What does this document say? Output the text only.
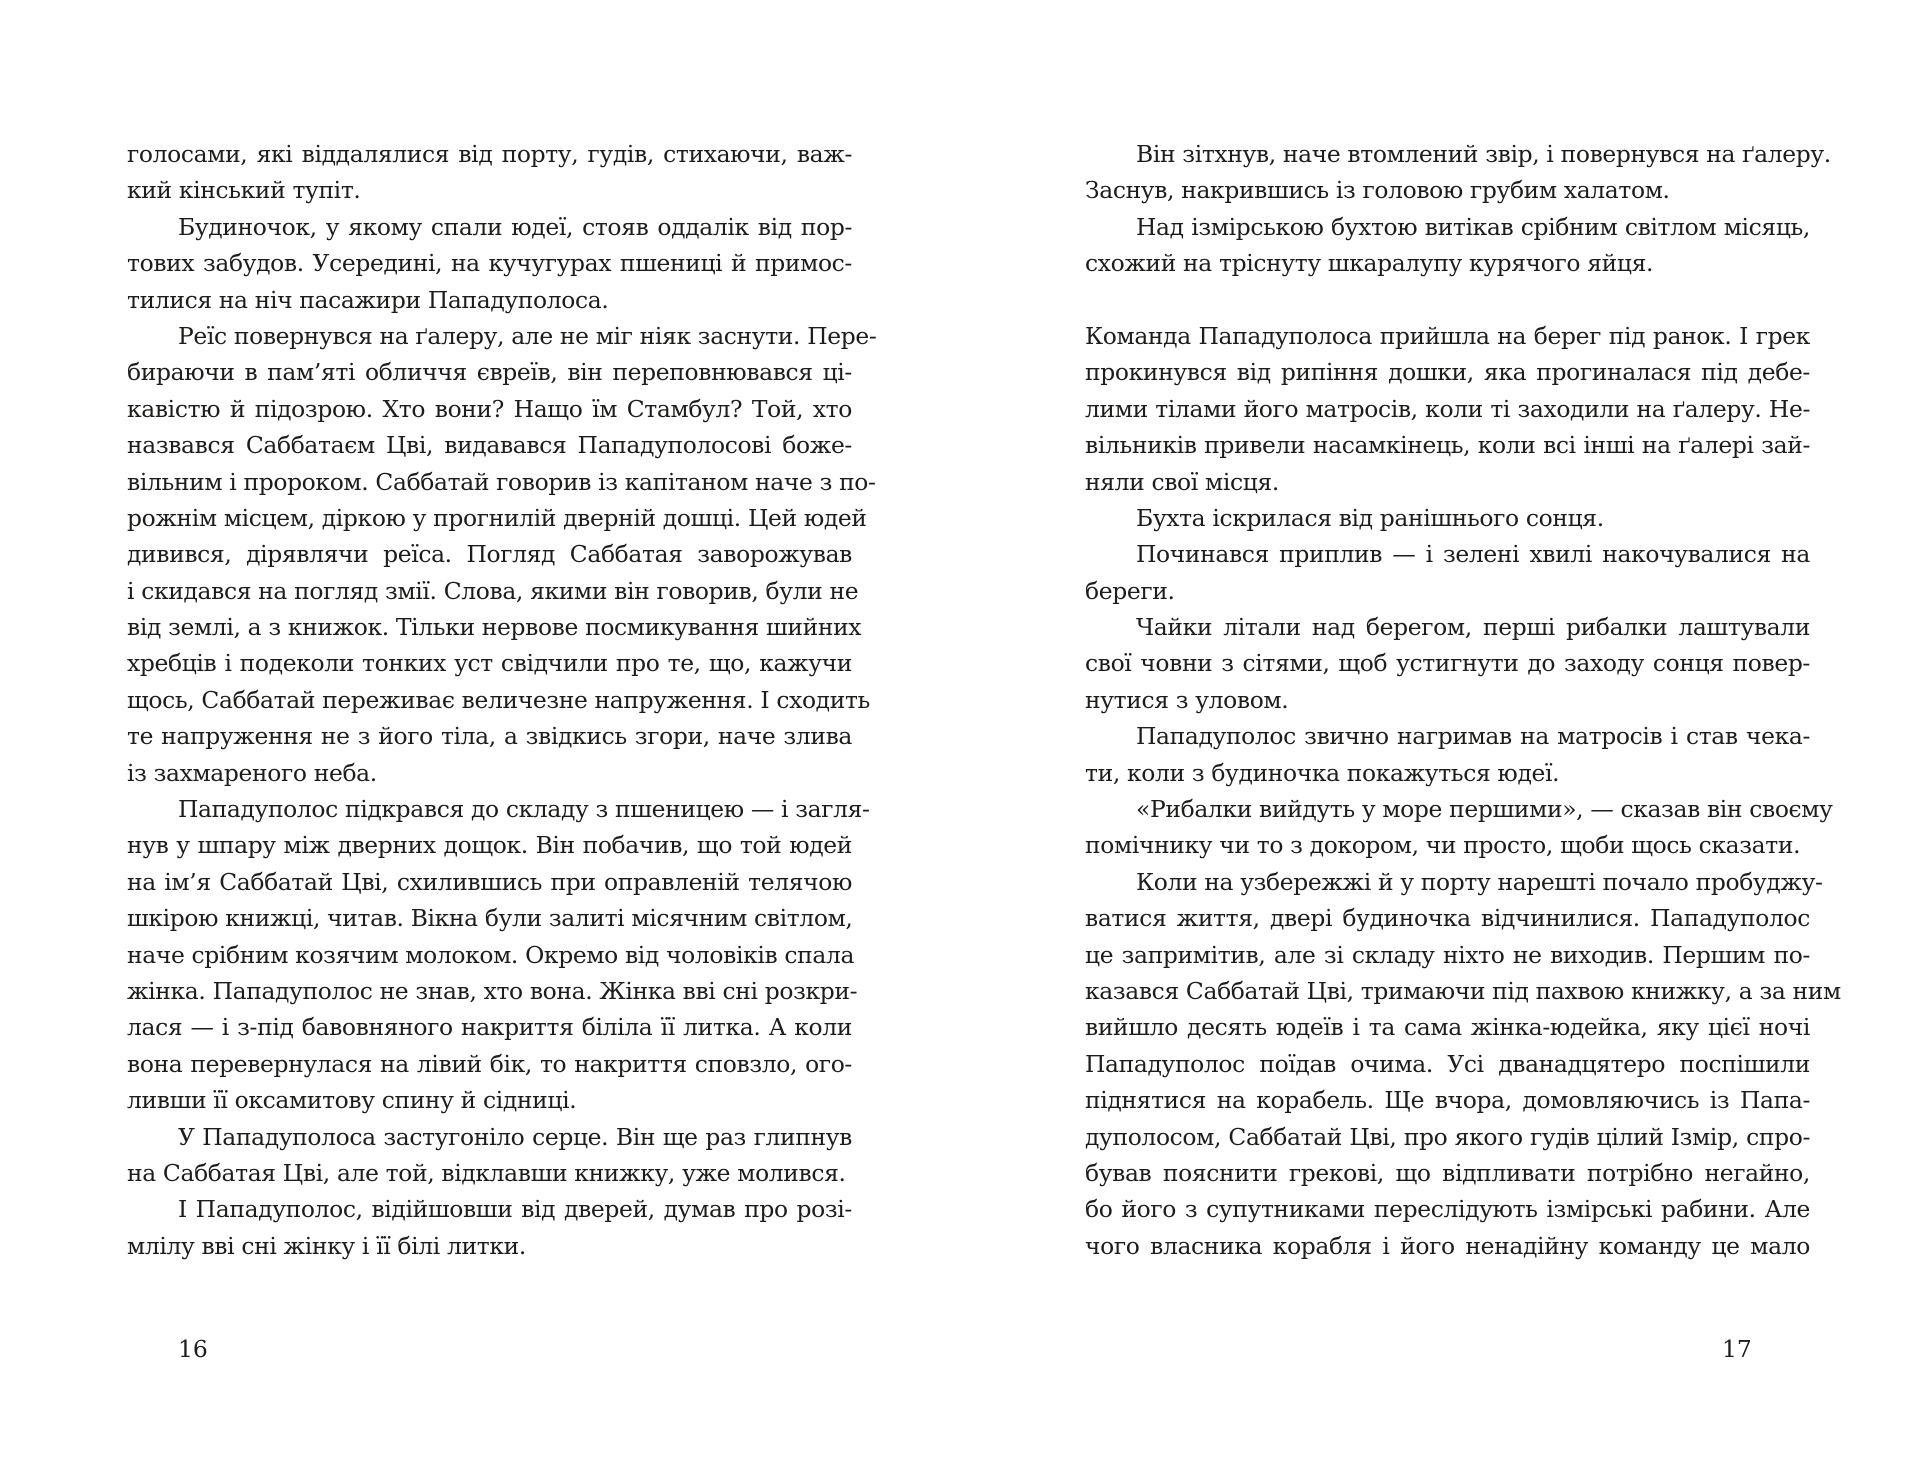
голосами, які віддалялися від порту, гудів, стихаючи, важ-
кий кінський тупіт.
Будиночок, у якому спали юдеї, стояв оддалік від пор-
тових забудов. Усередині, на кучугурах пшениці й примос-
тилися на ніч пасажири Пападуполоса.
Реїс повернувся на ґалеру, але не міг ніяк заснути. Пере-
бираючи в пам’яті обличчя євреїв, він переповнювався ці-
кавістю й підозрою. Хто вони? Нащо їм Стамбул? Той, хто
назвався Саббатаєм Цві, видавався Пападуполосові боже-
вільним і пророком. Саббатай говорив із капітаном наче з по-
рожнім місцем, діркою у прогнилій дверній дошці. Цей юдей
дивився, дірявлячи реїса. Погляд Саббатая заворожував
і скидався на погляд змії. Слова, якими він говорив, були не
від землі, а з книжок. Тільки нервове посмикування шийних
хребців і подеколи тонких уст свідчили про те, що, кажучи
щось, Саббатай переживає величезне напруження. І сходить
те напруження не з його тіла, а звідкись згори, наче злива
із захмареного неба.
Пападуполос підкрався до складу з пшеницею — і загля-
нув у шпару між дверних дощок. Він побачив, що той юдей
на ім’я Саббатай Цві, схилившись при оправленій телячою
шкірою книжці, читав. Вікна були залиті місячним світлом,
наче срібним козячим молоком. Окремо від чоловіків спала
жінка. Пападуполос не знав, хто вона. Жінка вві сні розкри-
лася — і з-під бавовняного накриття біліла її литка. А коли
вона перевернулася на лівий бік, то накриття сповзло, ого-
ливши її оксамитову спину й сідниці.
У Пападуполоса застугоніло серце. Він ще раз глипнув
на Саббатая Цві, але той, відклавши книжку, уже молився.
І Пападуполос, відійшовши від дверей, думав про розі-
млілу вві сні жінку і її білі литки.
16
Він зітхнув, наче втомлений звір, і повернувся на ґалеру.
Заснув, накрившись із головою грубим халатом.
Над ізмірською бухтою витікав срібним світлом місяць,
схожий на тріснуту шкаралупу курячого яйця.
Команда Пападуполоса прийшла на берег під ранок. І грек
прокинувся від рипіння дошки, яка прогиналася під дебе-
лими тілами його матросів, коли ті заходили на ґалеру. Не-
вільників привели насамкінець, коли всі інші на ґалері зай-
няли свої місця.
Бухта іскрилася від ранішнього сонця.
Починався приплив — і зелені хвилі накочувалися на
береги.
Чайки літали над берегом, перші рибалки лаштували
свої човни з сітями, щоб устигнути до заходу сонця повер-
нутися з уловом.
Пападуполос звично нагримав на матросів і став чека-
ти, коли з будиночка покажуться юдеї.
«Рибалки вийдуть у море першими», — сказав він своєму
помічнику чи то з докором, чи просто, щоби щось сказати.
Коли на узбережжі й у порту нарешті почало пробуджу-
ватися життя, двері будиночка відчинилися. Пападуполос
це запримітив, але зі складу ніхто не виходив. Першим по-
казався Саббатай Цві, тримаючи під пахвою книжку, а за ним
вийшло десять юдеїв і та сама жінка-юдейка, яку цієї ночі
Пападуполос поїдав очима. Усі дванадцятеро поспішили
піднятися на корабель. Ще вчора, домовляючись із Папа-
дуполосом, Саббатай Цві, про якого гудів цілий Ізмір, спро-
бував пояснити грекові, що відпливати потрібно негайно,
бо його з супутниками переслідують ізмірські рабини. Але
чого власника корабля і його ненадійну команду це мало
17
